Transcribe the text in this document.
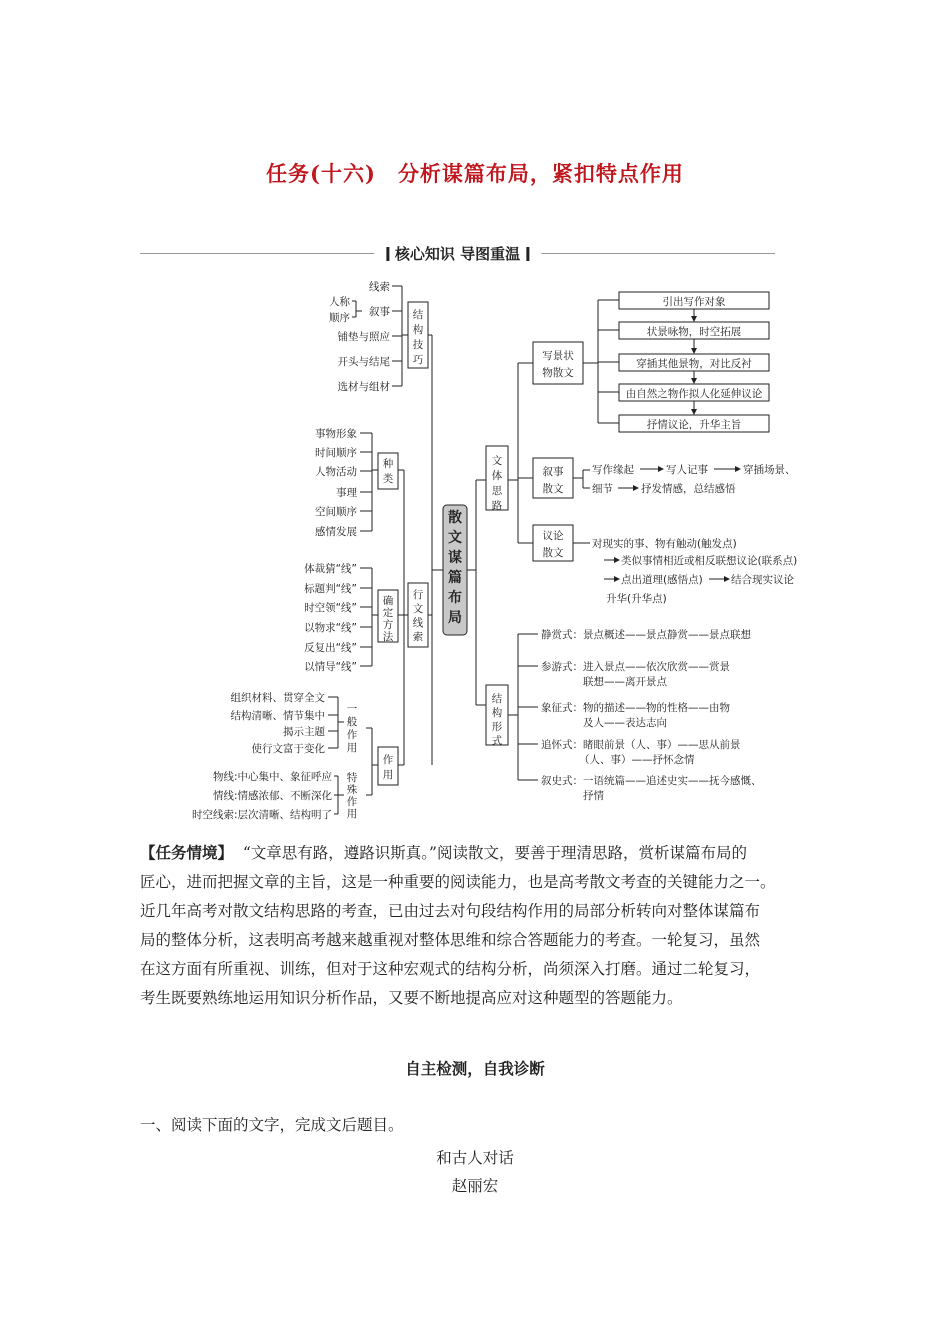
任务(十六) 分析谋篇布局，紧扣特点作用
核心知识 导图重温
散文谋篇布局
结
构
技
巧
行
文
线
索
种
类
确
定
方
法
作
用
一
般
作
用
特
殊
作
用
文
体
思
路
结
构
形
式
线索
叙事
铺垫与照应
开头与结尾
选材与组材
人称
顺序
事物形象
时间顺序
人物活动
事理
空间顺序
感情发展
体裁猜“线”
标题判“线”
时空领“线”
以物求“线”
反复出“线”
以情导“线”
组织材料、贯穿全文
结构清晰、情节集中
揭示主题
使行文富于变化
物线:中心集中、象征呼应
情线:情感浓郁、不断深化
时空线索:层次清晰、结构明了
引出写作对象
状景咏物，时空拓展
穿插其他景物，对比反衬
由自然之物作拟人化延伸议论
抒情议论，升华主旨
写景状
物散文
叙事
散文
议论
散文
写作缘起	写人记事	穿插场景、
细节	抒发情感，总结感悟
对现实的事、物有触动(触发点)
类似事情相近或相反联想议论(联系点)
点出道理(感悟点)	结合现实议论
升华(升华点)
静赏式：景点概述——景点静赏——景点联想
参游式：进入景点——依次欣赏——赏景
联想——离开景点
象征式：物的描述——物的性格——由物
及人——表达志向
追怀式：睹眼前景（人、事）——思从前景
（人、事）——抒怀念情
叙史式：一语统篇——追述史实——抚今感慨、
抒情
【任务情境】 “文章思有路，遵路识斯真。”阅读散文，要善于理清思路，赏析谋篇布局的
匠心，进而把握文章的主旨，这是一种重要的阅读能力，也是高考散文考查的关键能力之一。
近几年高考对散文结构思路的考查，已由过去对句段结构作用的局部分析转向对整体谋篇布
局的整体分析，这表明高考越来越重视对整体思维和综合答题能力的考查。一轮复习，虽然
在这方面有所重视、训练，但对于这种宏观式的结构分析，尚须深入打磨。通过二轮复习，
考生既要熟练地运用知识分析作品，又要不断地提高应对这种题型的答题能力。
自主检测，自我诊断
一、阅读下面的文字，完成文后题目。
和古人对话
赵丽宏
